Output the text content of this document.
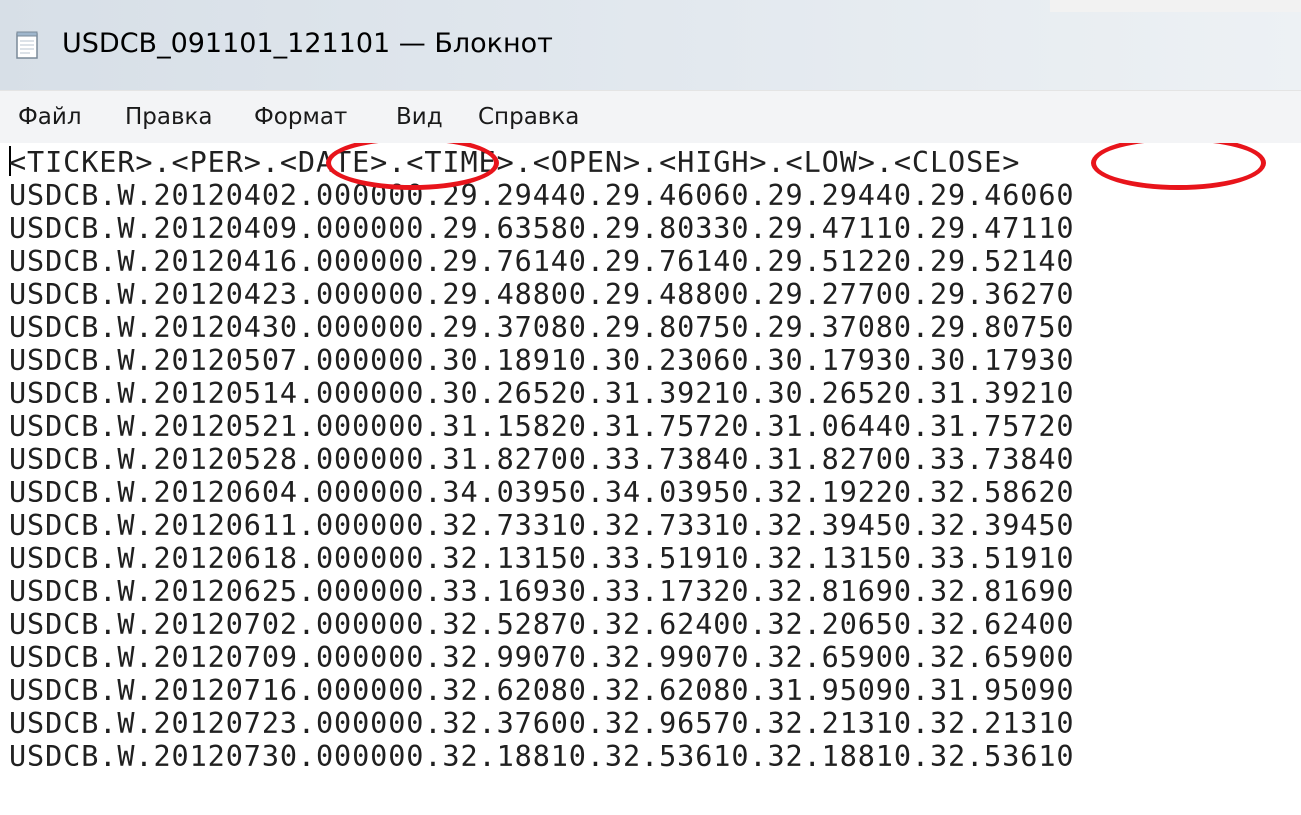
USDCB_091101_121101 — Блокнот
Файл Правка Формат Вид Справка
<TICKER>.<PER>.<DATE>.<TIME>.<OPEN>.<HIGH>.<LOW>.<CLOSE>
USDCB.W.20120402.000000.29.29440.29.46060.29.29440.29.46060
USDCB.W.20120409.000000.29.63580.29.80330.29.47110.29.47110
USDCB.W.20120416.000000.29.76140.29.76140.29.51220.29.52140
USDCB.W.20120423.000000.29.48800.29.48800.29.27700.29.36270
USDCB.W.20120430.000000.29.37080.29.80750.29.37080.29.80750
USDCB.W.20120507.000000.30.18910.30.23060.30.17930.30.17930
USDCB.W.20120514.000000.30.26520.31.39210.30.26520.31.39210
USDCB.W.20120521.000000.31.15820.31.75720.31.06440.31.75720
USDCB.W.20120528.000000.31.82700.33.73840.31.82700.33.73840
USDCB.W.20120604.000000.34.03950.34.03950.32.19220.32.58620
USDCB.W.20120611.000000.32.73310.32.73310.32.39450.32.39450
USDCB.W.20120618.000000.32.13150.33.51910.32.13150.33.51910
USDCB.W.20120625.000000.33.16930.33.17320.32.81690.32.81690
USDCB.W.20120702.000000.32.52870.32.62400.32.20650.32.62400
USDCB.W.20120709.000000.32.99070.32.99070.32.65900.32.65900
USDCB.W.20120716.000000.32.62080.32.62080.31.95090.31.95090
USDCB.W.20120723.000000.32.37600.32.96570.32.21310.32.21310
USDCB.W.20120730.000000.32.18810.32.53610.32.18810.32.53610
